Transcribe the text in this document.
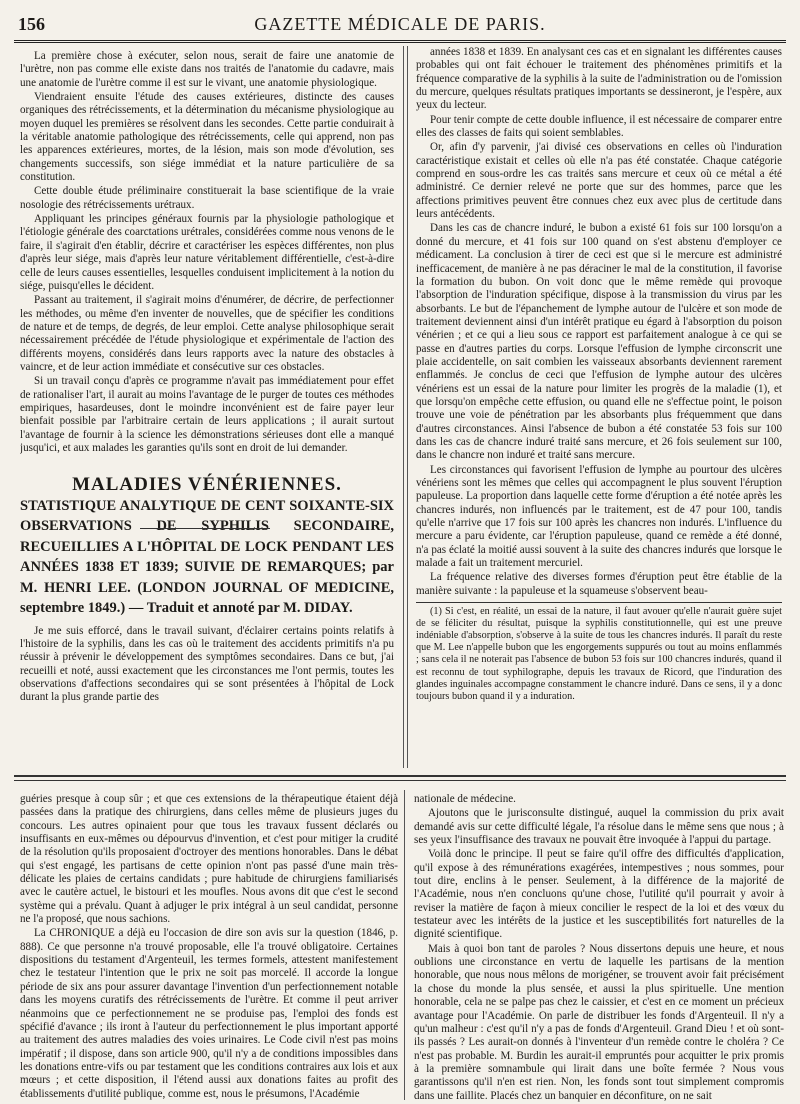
156	GAZETTE MÉDICALE DE PARIS.

La première chose à exécuter, selon nous, serait de faire une anatomie de l'urètre, non pas comme elle existe dans nos traités de l'anatomie du cadavre, mais une anatomie de l'urètre comme il est sur le vivant, une anatomie physiologique.

Viendraient ensuite l'étude des causes extérieures, distincte des causes organiques des rétrécissements, et la détermination du mécanisme physiologique au moyen duquel les premières se résolvent dans les secondes. Cette partie conduirait à la véritable anatomie pathologique des rétrécissements, celle qui apprend, non pas les apparences extérieures, mortes, de la lésion, mais son mode d'évolution, ses changements successifs, son siége immédiat et la nature particulière de sa constitution.

Cette double étude préliminaire constituerait la base scientifique de la vraie nosologie des rétrécissements urétraux.

Appliquant les principes généraux fournis par la physiologie pathologique et l'étiologie générale des coarctations urétrales, considérées comme nous venons de le faire, il s'agirait d'en établir, décrire et caractériser les espèces différentes, non plus d'après leur siége, mais d'après leur nature véritablement différentielle, c'est-à-dire celle de leurs causes essentielles, lesquelles conduisent implicitement à la notion du siége, puisqu'elles le décident.

Passant au traitement, il s'agirait moins d'énumérer, de décrire, de perfectionner les méthodes, ou même d'en inventer de nouvelles, que de spécifier les conditions de nature et de temps, de degrés, de leur emploi. Cette analyse philosophique serait nécessairement précédée de l'étude physiologique et expérimentale de l'action des différents moyens, considérés dans leurs rapports avec la nature des obstacles à vaincre, et de leur action immédiate et consécutive sur ces obstacles.

Si un travail conçu d'après ce programme n'avait pas immédiatement pour effet de rationaliser l'art, il aurait au moins l'avantage de le purger de toutes ces méthodes empiriques, hasardeuses, dont le moindre inconvénient est de faire payer leur bienfait possible par l'arbitraire certain de leurs applications ; il aurait surtout l'avantage de fournir à la science les démonstrations sérieuses dont elle a manqué jusqu'ici, et aux malades les garanties qu'ils sont en droit de lui demander.

MALADIES VÉNÉRIENNES.
STATISTIQUE ANALYTIQUE DE CENT SOIXANTE-SIX OBSERVATIONS DE SYPHILIS SECONDAIRE, RECUEILLIES A L'HÔPITAL DE LOCK PENDANT LES ANNÉES 1838 ET 1839; SUIVIE DE REMARQUES; par M. HENRI LEE. (LONDON JOURNAL OF MEDICINE, septembre 1849.) — Traduit et annoté par M. DIDAY.

Je me suis efforcé, dans le travail suivant, d'éclairer certains points relatifs à l'histoire de la syphilis, dans les cas où le traitement des accidents primitifs n'a pu réussir à prévenir le développement des symptômes secondaires. Dans ce but, j'ai recueilli et noté, aussi exactement que les circonstances me l'ont permis, toutes les observations d'affections secondaires qui se sont présentées à l'hôpital de Lock durant la plus grande partie des

années 1838 et 1839. En analysant ces cas et en signalant les différentes causes probables qui ont fait échouer le traitement des phénomènes primitifs et la fréquence comparative de la syphilis à la suite de l'administration ou de l'omission du mercure, quelques résultats pratiques importants se dessineront, je l'espère, aux yeux du lecteur.

Pour tenir compte de cette double influence, il est nécessaire de comparer entre elles des classes de faits qui soient semblables.

Or, afin d'y parvenir, j'ai divisé ces observations en celles où l'induration caractéristique existait et celles où elle n'a pas été constatée. Chaque catégorie comprend en sous-ordre les cas traités sans mercure et ceux où ce métal a été administré. Ce dernier relevé ne porte que sur des hommes, parce que les affections primitives peuvent être connues chez eux avec plus de certitude dans leurs antécédents.

Dans les cas de chancre induré, le bubon a existé 61 fois sur 100 lorsqu'on a donné du mercure, et 41 fois sur 100 quand on s'est abstenu d'employer ce médicament. La conclusion à tirer de ceci est que si le mercure est administré inefficacement, de manière à ne pas déraciner le mal de la constitution, il favorise la formation du bubon. On voit donc que le même remède qui provoque l'absorption de l'induration spécifique, dispose à la transmission du virus par les absorbants. Le but de l'épanchement de lymphe autour de l'ulcère et son mode de traitement deviennent ainsi d'un intérêt pratique eu égard à l'absorption du poison vénérien ; et ce qui a lieu sous ce rapport est parfaitement analogue à ce qui se passe en d'autres parties du corps. Lorsque l'effusion de lymphe circonscrit une plaie accidentelle, on sait combien les vaisseaux absorbants deviennent rarement enflammés. Je conclus de ceci que l'effusion de lymphe autour des ulcères vénériens est un essai de la nature pour limiter les progrès de la maladie (1), et que lorsqu'on empêche cette effusion, ou quand elle ne s'effectue point, le poison trouve une voie de pénétration par les absorbants plus fréquemment que dans d'autres circonstances. Ainsi l'absence de bubon a été constatée 53 fois sur 100 dans les cas de chancre induré traité sans mercure, et 26 fois seulement sur 100, dans le chancre non induré et traité sans mercure.

Les circonstances qui favorisent l'effusion de lymphe au pourtour des ulcères vénériens sont les mêmes que celles qui accompagnent le plus souvent l'éruption papuleuse. La proportion dans laquelle cette forme d'éruption a été notée après les chancres indurés, non influencés par le traitement, est de 47 pour 100, tandis qu'elle n'arrive que 17 fois sur 100 après les chancres non indurés. L'influence du mercure a paru évidente, car l'éruption papuleuse, quand ce remède a été donné, n'a pas éclaté la moitié aussi souvent à la suite des chancres indurés que lorsque le malade a fait un traitement mercuriel.

La fréquence relative des diverses formes d'éruption peut être établie de la manière suivante : la papuleuse et la squameuse s'observent beau-

(1) Si c'est, en réalité, un essai de la nature, il faut avouer qu'elle n'aurait guère sujet de se féliciter du résultat, puisque la syphilis constitutionnelle, qui est une preuve indéniable d'absorption, s'observe à la suite de tous les chancres indurés. Il paraît du reste que M. Lee n'appelle bubon que les engorgements suppurés ou tout au moins enflammés ; sans cela il ne noterait pas l'absence de bubon 53 fois sur 100 chancres indurés, quand il est reconnu de tout syphilographe, depuis les travaux de Ricord, que l'induration des glandes inguinales accompagne constamment le chancre induré. Dans ce sens, il y a donc toujours bubon quand il y a induration.

guéries presque à coup sûr ; et que ces extensions de la thérapeutique étaient déjà passées dans la pratique des chirurgiens, dans celles même de plusieurs juges du concours. Les autres opinaient pour que tous les travaux fussent déclarés ou insuffisants en eux-mêmes ou dépourvus d'invention, et c'est pour mitiger la crudité de la résolution qu'ils proposaient d'octroyer des mentions honorables. Dans le débat qui s'est engagé, les partisans de cette opinion n'ont pas passé d'une main très-délicate les plaies de certains candidats ; pure habitude de chirurgiens familiarisés avec le cautère actuel, le bistouri et les moufles. Nous avons dit que c'est le second système qui a prévalu. Quant à adjuger le prix intégral à un seul candidat, personne ne l'a proposé, que nous sachions.

La CHRONIQUE a déjà eu l'occasion de dire son avis sur la question (1846, p. 888). Ce que personne n'a trouvé proposable, elle l'a trouvé obligatoire. Certaines dispositions du testament d'Argenteuil, les termes formels, attestent manifestement chez le testateur l'intention que le prix ne soit pas morcelé. Il accorde la longue période de six ans pour assurer davantage l'invention d'un perfectionnement notable dans les moyens curatifs des rétrécissements de l'urètre. Et comme il peut arriver néanmoins que ce perfectionnement ne se produise pas, l'emploi des fonds est spécifié d'avance ; ils iront à l'auteur du perfectionnement le plus important apporté au traitement des autres maladies des voies urinaires. Le Code civil n'est pas moins impératif ; il dispose, dans son article 900, qu'il n'y a de conditions impossibles dans les donations entre-vifs ou par testament que les conditions contraires aux lois et aux mœurs ; et cette disposition, il l'étend aussi aux donations faites au profit des établissements d'utilité publique, comme est, nous le présumons, l'Académie

nationale de médecine.

Ajoutons que le jurisconsulte distingué, auquel la commission du prix avait demandé avis sur cette difficulté légale, l'a résolue dans le même sens que nous ; à ses yeux l'insuffisance des travaux ne pouvait être invoquée à l'appui du partage.

Voilà donc le principe. Il peut se faire qu'il offre des difficultés d'application, qu'il expose à des rémunérations exagérées, intempestives ; nous sommes, pour tout dire, enclins à le penser. Seulement, à la différence de la majorité de l'Académie, nous n'en concluons qu'une chose, l'utilité qu'il pourrait y avoir à reviser la matière de façon à mieux concilier le respect de la loi et des vœux du testateur avec les intérêts de la justice et les susceptibilités fort naturelles de la dignité scientifique.

Mais à quoi bon tant de paroles ? Nous dissertons depuis une heure, et nous oublions une circonstance en vertu de laquelle les partisans de la mention honorable, que nous nous mêlons de morigéner, se trouvent avoir fait précisément la chose du monde la plus sensée, et aussi la plus spirituelle. Une mention honorable, cela ne se palpe pas chez le caissier, et c'est en ce moment un précieux avantage pour l'Académie. On parle de distribuer les fonds d'Argenteuil. Il n'y a qu'un malheur : c'est qu'il n'y a pas de fonds d'Argenteuil. Grand Dieu ! et où sont-ils passés ? Les aurait-on donnés à l'inventeur d'un remède contre le choléra ? Ce n'est pas probable. M. Burdin les aurait-il empruntés pour acquitter le prix promis à la première somnambule qui lirait dans une boîte fermée ? Nous vous garantissons qu'il n'en est rien. Non, les fonds sont tout simplement compromis dans une faillite. Placés chez un banquier en déconfiture, on ne sait
